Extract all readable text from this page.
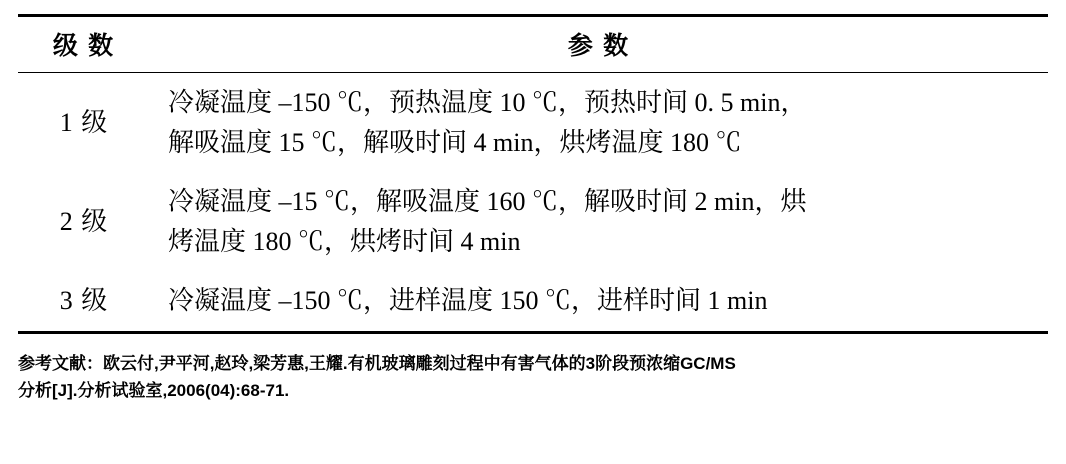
级 数	参 数
1 级	冷凝温度 –150 ℃，预热温度 10 ℃，预热时间 0. 5 min，
解吸温度 15 ℃，解吸时间 4 min，烘烤温度 180 ℃

2 级	冷凝温度 –15 ℃，解吸温度 160 ℃，解吸时间 2 min，烘
烤温度 180 ℃，烘烤时间 4 min

3 级	冷凝温度 –150 ℃，进样温度 150 ℃，进样时间 1 min
参考文献：欧云付,尹平河,赵玲,梁芳惠,王耀.有机玻璃雕刻过程中有害气体的3阶段预浓缩GC/MS
分析[J].分析试验室,2006(04):68-71.
